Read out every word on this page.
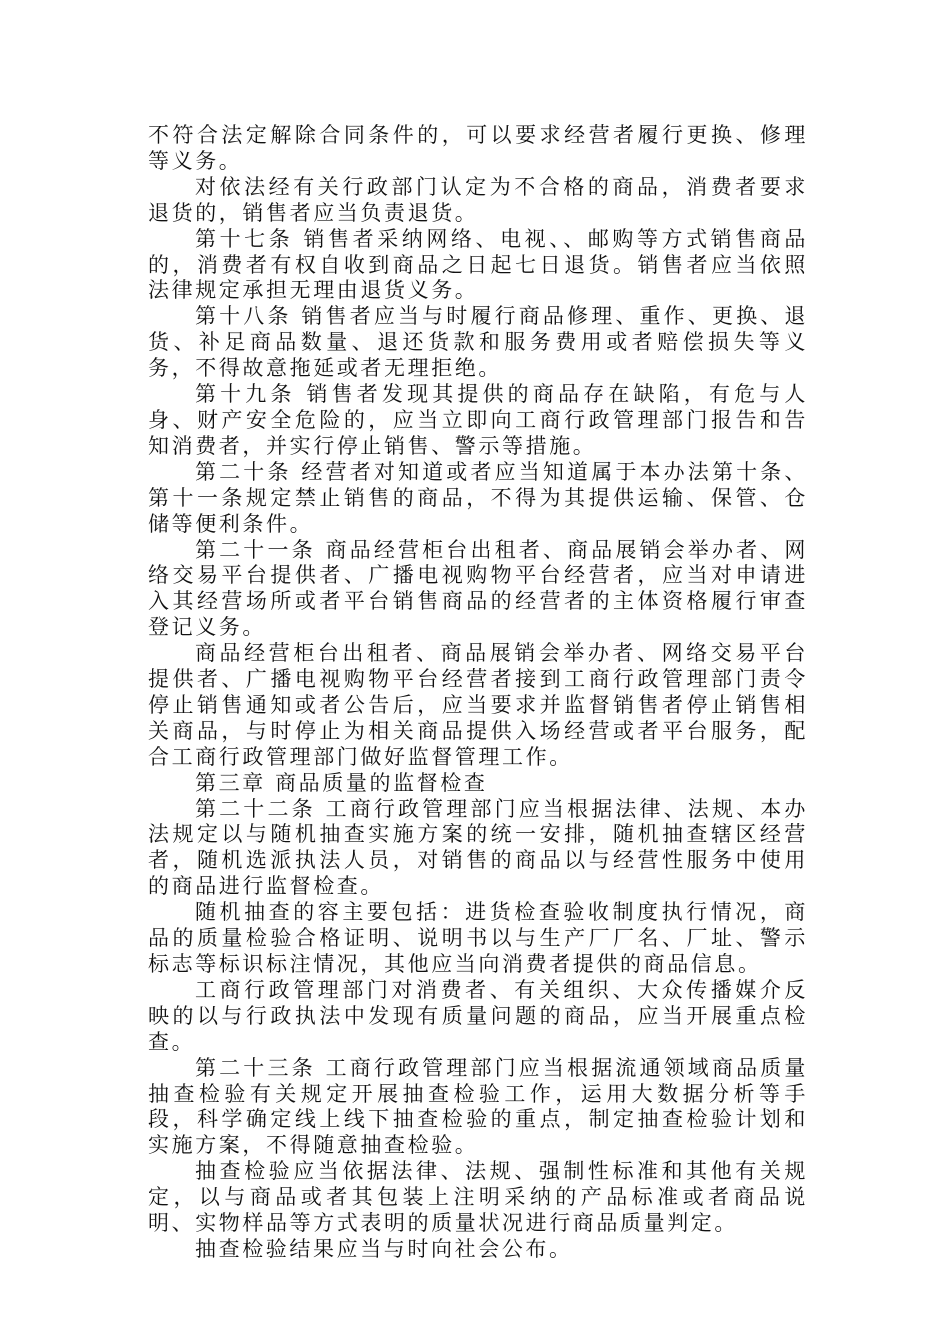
不符合法定解除合同条件的，可以要求经营者履行更换、修理等义务。

对依法经有关行政部门认定为不合格的商品，消费者要求退货的，销售者应当负责退货。

第十七条 销售者采纳网络、电视、、邮购等方式销售商品的，消费者有权自收到商品之日起七日退货。销售者应当依照法律规定承担无理由退货义务。

第十八条 销售者应当与时履行商品修理、重作、更换、退货、补足商品数量、退还货款和服务费用或者赔偿损失等义务，不得故意拖延或者无理拒绝。

第十九条 销售者发现其提供的商品存在缺陷，有危与人身、财产安全危险的，应当立即向工商行政管理部门报告和告知消费者，并实行停止销售、警示等措施。

第二十条 经营者对知道或者应当知道属于本办法第十条、第十一条规定禁止销售的商品，不得为其提供运输、保管、仓储等便利条件。

第二十一条 商品经营柜台出租者、商品展销会举办者、网络交易平台提供者、广播电视购物平台经营者，应当对申请进入其经营场所或者平台销售商品的经营者的主体资格履行审查登记义务。

商品经营柜台出租者、商品展销会举办者、网络交易平台提供者、广播电视购物平台经营者接到工商行政管理部门责令停止销售通知或者公告后，应当要求并监督销售者停止销售相关商品，与时停止为相关商品提供入场经营或者平台服务，配合工商行政管理部门做好监督管理工作。

第三章 商品质量的监督检查

第二十二条 工商行政管理部门应当根据法律、法规、本办法规定以与随机抽查实施方案的统一安排，随机抽查辖区经营者，随机选派执法人员，对销售的商品以与经营性服务中使用的商品进行监督检查。

随机抽查的容主要包括：进货检查验收制度执行情况，商品的质量检验合格证明、说明书以与生产厂厂名、厂址、警示标志等标识标注情况，其他应当向消费者提供的商品信息。

工商行政管理部门对消费者、有关组织、大众传播媒介反映的以与行政执法中发现有质量问题的商品，应当开展重点检查。

第二十三条 工商行政管理部门应当根据流通领域商品质量抽查检验有关规定开展抽查检验工作，运用大数据分析等手段，科学确定线上线下抽查检验的重点，制定抽查检验计划和实施方案，不得随意抽查检验。

抽查检验应当依据法律、法规、强制性标准和其他有关规定，以与商品或者其包装上注明采纳的产品标准或者商品说明、实物样品等方式表明的质量状况进行商品质量判定。

抽查检验结果应当与时向社会公布。
